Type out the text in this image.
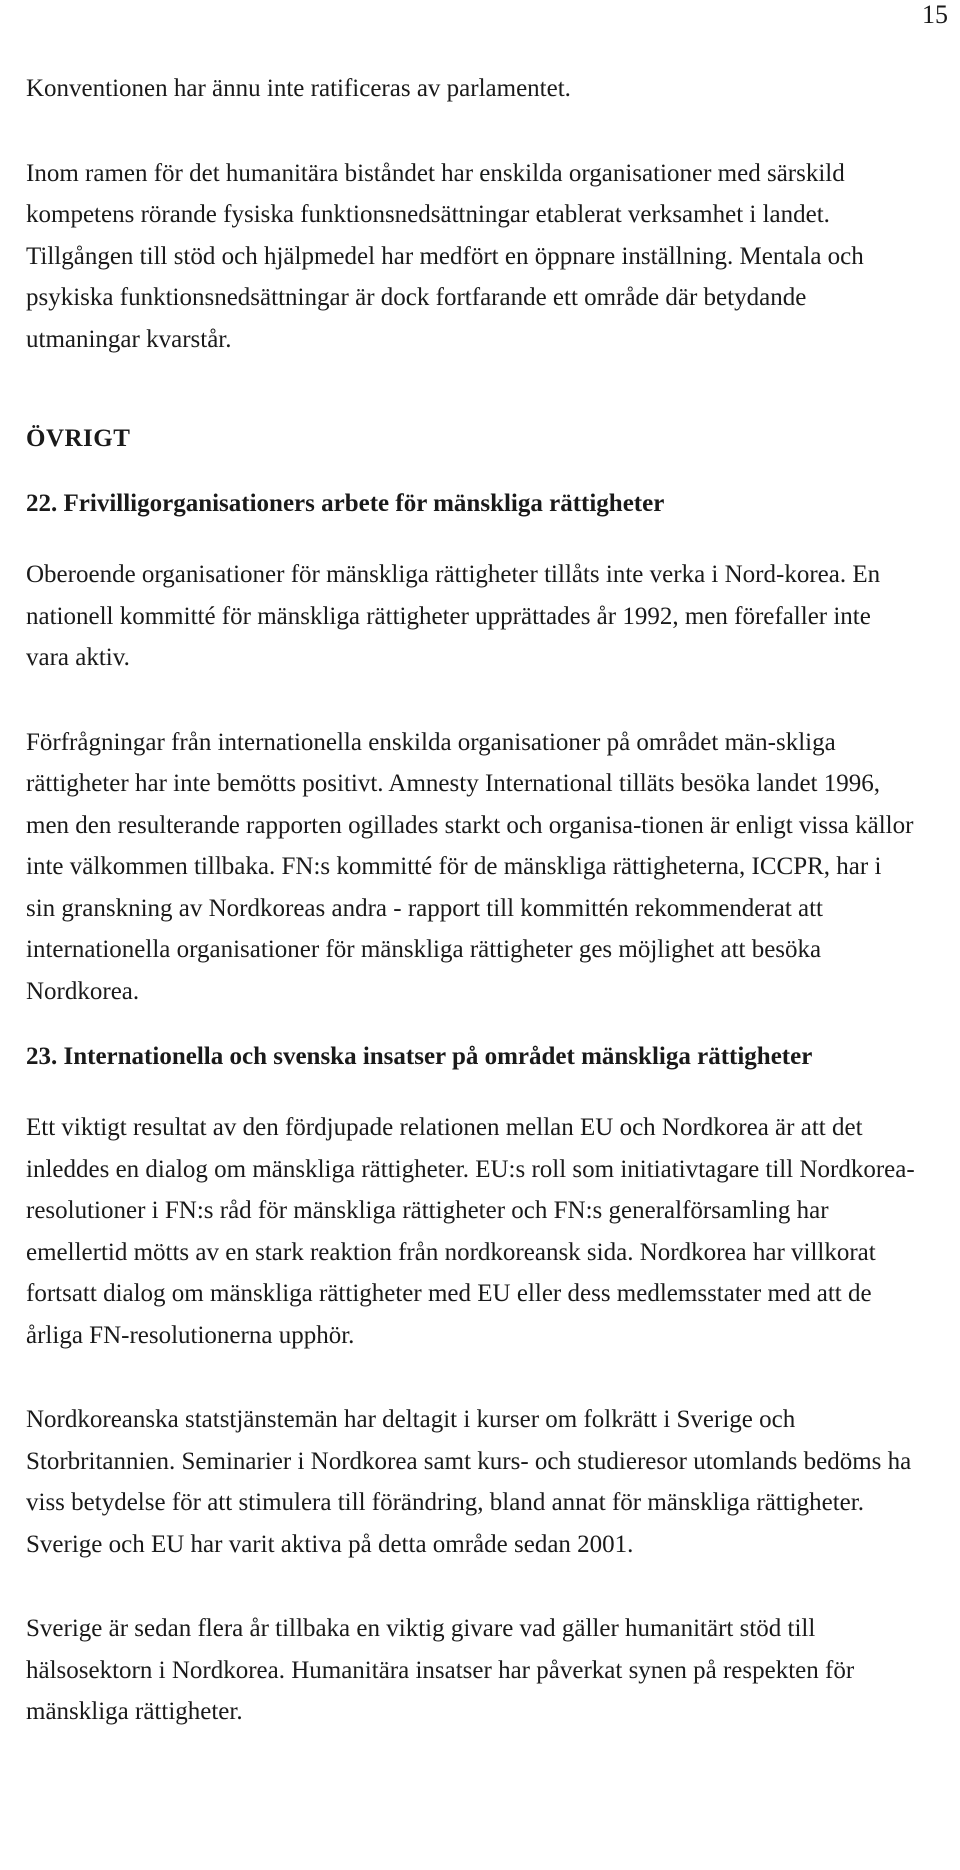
15

Konventionen har ännu inte ratificeras av parlamentet.

Inom ramen för det humanitära biståndet har enskilda organisationer med särskild kompetens rörande fysiska funktionsnedsättningar etablerat verksamhet i landet. Tillgången till stöd och hjälpmedel har medfört en öppnare inställning. Mentala och psykiska funktionsnedsättningar är dock fortfarande ett område där betydande utmaningar kvarstår.

ÖVRIGT
22. Frivilligorganisationers arbete för mänskliga rättigheter

Oberoende organisationer för mänskliga rättigheter tillåts inte verka i Nord-korea. En nationell kommitté för mänskliga rättigheter upprättades år 1992, men förefaller inte vara aktiv.

Förfrågningar från internationella enskilda organisationer på området män-skliga rättigheter har inte bemötts positivt. Amnesty International tilläts besöka landet 1996, men den resulterande rapporten ogillades starkt och organisa-tionen är enligt vissa källor inte välkommen tillbaka. FN:s kommitté för de mänskliga rättigheterna, ICCPR, har i sin granskning av Nordkoreas andra - rapport till kommittén rekommenderat att internationella organisationer för mänskliga rättigheter ges möjlighet att besöka Nordkorea.

23. Internationella och svenska insatser på området mänskliga rättigheter

Ett viktigt resultat av den fördjupade relationen mellan EU och Nordkorea är att det inleddes en dialog om mänskliga rättigheter. EU:s roll som initiativtagare till Nordkorea-resolutioner i FN:s råd för mänskliga rättigheter och FN:s generalförsamling har emellertid mötts av en stark reaktion från nordkoreansk sida. Nordkorea har villkorat fortsatt dialog om mänskliga rättigheter med EU eller dess medlemsstater med att de årliga FN-resolutionerna upphör.

Nordkoreanska statstjänstemän har deltagit i kurser om folkrätt i Sverige och Storbritannien. Seminarier i Nordkorea samt kurs- och studieresor utomlands bedöms ha viss betydelse för att stimulera till förändring, bland annat för mänskliga rättigheter. Sverige och EU har varit aktiva på detta område sedan 2001.

Sverige är sedan flera år tillbaka en viktig givare vad gäller humanitärt stöd till hälsosektorn i Nordkorea. Humanitära insatser har påverkat synen på respekten för mänskliga rättigheter.
